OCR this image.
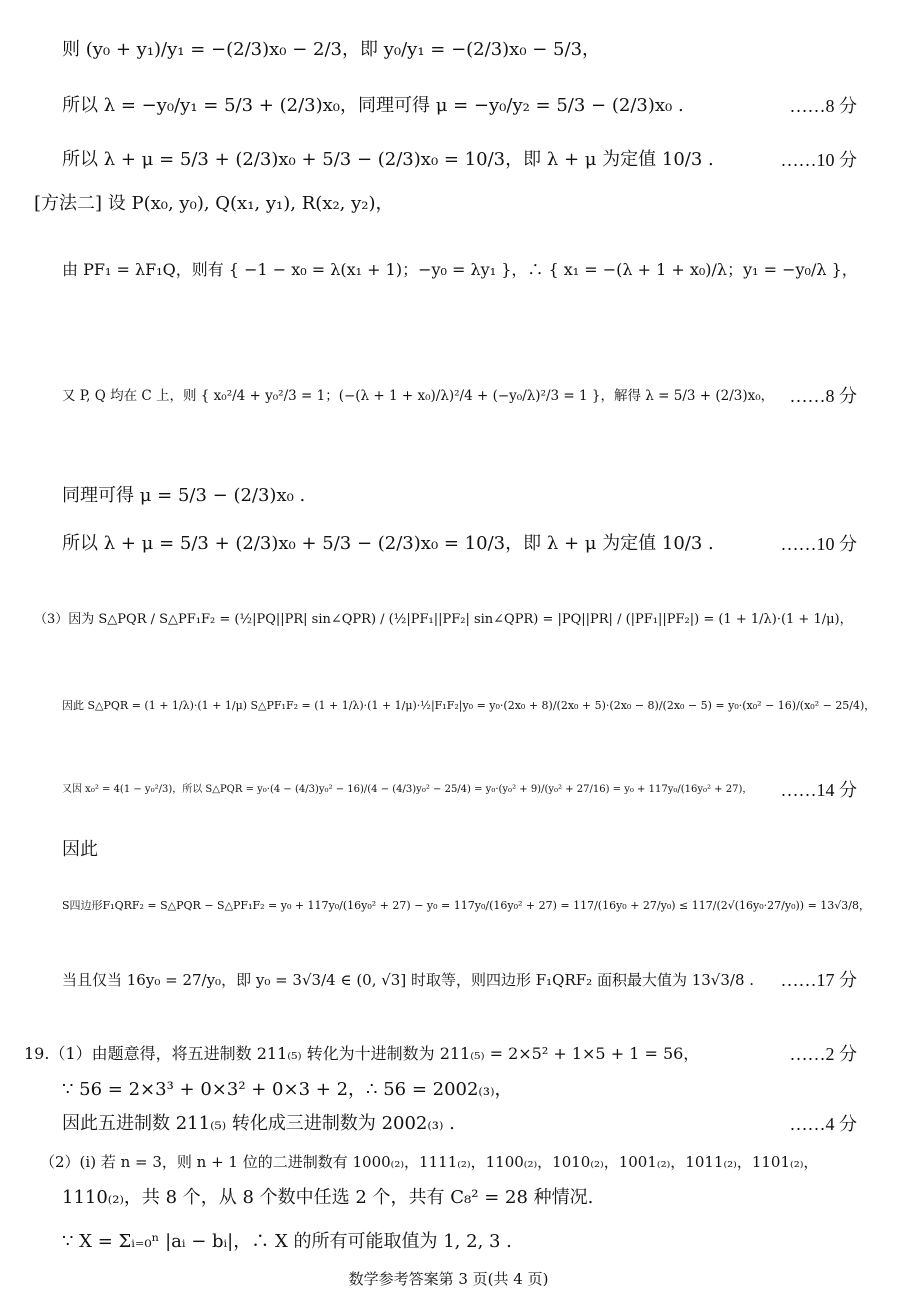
则 (y₀ + y₁)/y₁ = −(2/3)x₀ − 2/3，即 y₀/y₁ = −(2/3)x₀ − 5/3，
所以 λ = −y₀/y₁ = 5/3 + (2/3)x₀，同理可得 μ = −y₀/y₂ = 5/3 − (2/3)x₀ .	……8 分
所以 λ + μ = 5/3 + (2/3)x₀ + 5/3 − (2/3)x₀ = 10/3，即 λ + μ 为定值 10/3 .	……10 分
[方法二] 设 P(x₀, y₀), Q(x₁, y₁), R(x₂, y₂)，
由 PF₁ = λF₁Q，则有 { −1 − x₀ = λ(x₁ + 1)；−y₀ = λy₁ }，∴ { x₁ = −(λ + 1 + x₀)/λ；y₁ = −y₀/λ }，
又 P, Q 均在 C 上，则 { x₀²/4 + y₀²/3 = 1；(−(λ + 1 + x₀)/λ)²/4 + (−y₀/λ)²/3 = 1 }，解得 λ = 5/3 + (2/3)x₀， ……8 分
同理可得 μ = 5/3 − (2/3)x₀ .
所以 λ + μ = 5/3 + (2/3)x₀ + 5/3 − (2/3)x₀ = 10/3，即 λ + μ 为定值 10/3 .	……10 分
（3）因为 S△PQR / S△PF₁F₂ = (½|PQ||PR| sin∠QPR) / (½|PF₁||PF₂| sin∠QPR) = |PQ||PR| / (|PF₁||PF₂|) = (1 + 1/λ)·(1 + 1/μ)，
因此 S△PQR = (1 + 1/λ)·(1 + 1/μ) S△PF₁F₂ = (1 + 1/λ)·(1 + 1/μ)·½|F₁F₂|y₀ = y₀·(2x₀ + 8)/(2x₀ + 5)·(2x₀ − 8)/(2x₀ − 5) = y₀·(x₀² − 16)/(x₀² − 25/4)，
又因 x₀² = 4(1 − y₀²/3)，所以 S△PQR = y₀·(4 − (4/3)y₀² − 16)/(4 − (4/3)y₀² − 25/4) = y₀·(y₀² + 9)/(y₀² + 27/16) = y₀ + 117y₀/(16y₀² + 27)， ……14 分
因此
S四边形F₁QRF₂ = S△PQR − S△PF₁F₂ = y₀ + 117y₀/(16y₀² + 27) − y₀ = 117y₀/(16y₀² + 27) = 117/(16y₀ + 27/y₀) ≤ 117/(2√(16y₀·27/y₀)) = 13√3/8，
当且仅当 16y₀ = 27/y₀，即 y₀ = 3√3/4 ∈ (0, √3] 时取等，则四边形 F₁QRF₂ 面积最大值为 13√3/8 . ……17 分
19.（1）由题意得，将五进制数 211₍₅₎ 转化为十进制数为 211₍₅₎ = 2×5² + 1×5 + 1 = 56，	……2 分
∵ 56 = 2×3³ + 0×3² + 0×3 + 2，∴ 56 = 2002₍₃₎，
因此五进制数 211₍₅₎ 转化成三进制数为 2002₍₃₎ .	……4 分
（2）(i) 若 n = 3，则 n + 1 位的二进制数有 1000₍₂₎，1111₍₂₎，1100₍₂₎，1010₍₂₎，1001₍₂₎，1011₍₂₎，1101₍₂₎，
1110₍₂₎，共 8 个，从 8 个数中任选 2 个，共有 C₈² = 28 种情况.
∵ X = Σᵢ₌₀ⁿ |aᵢ − bᵢ|，∴ X 的所有可能取值为 1, 2, 3 .
数学参考答案第 3 页(共 4 页)
